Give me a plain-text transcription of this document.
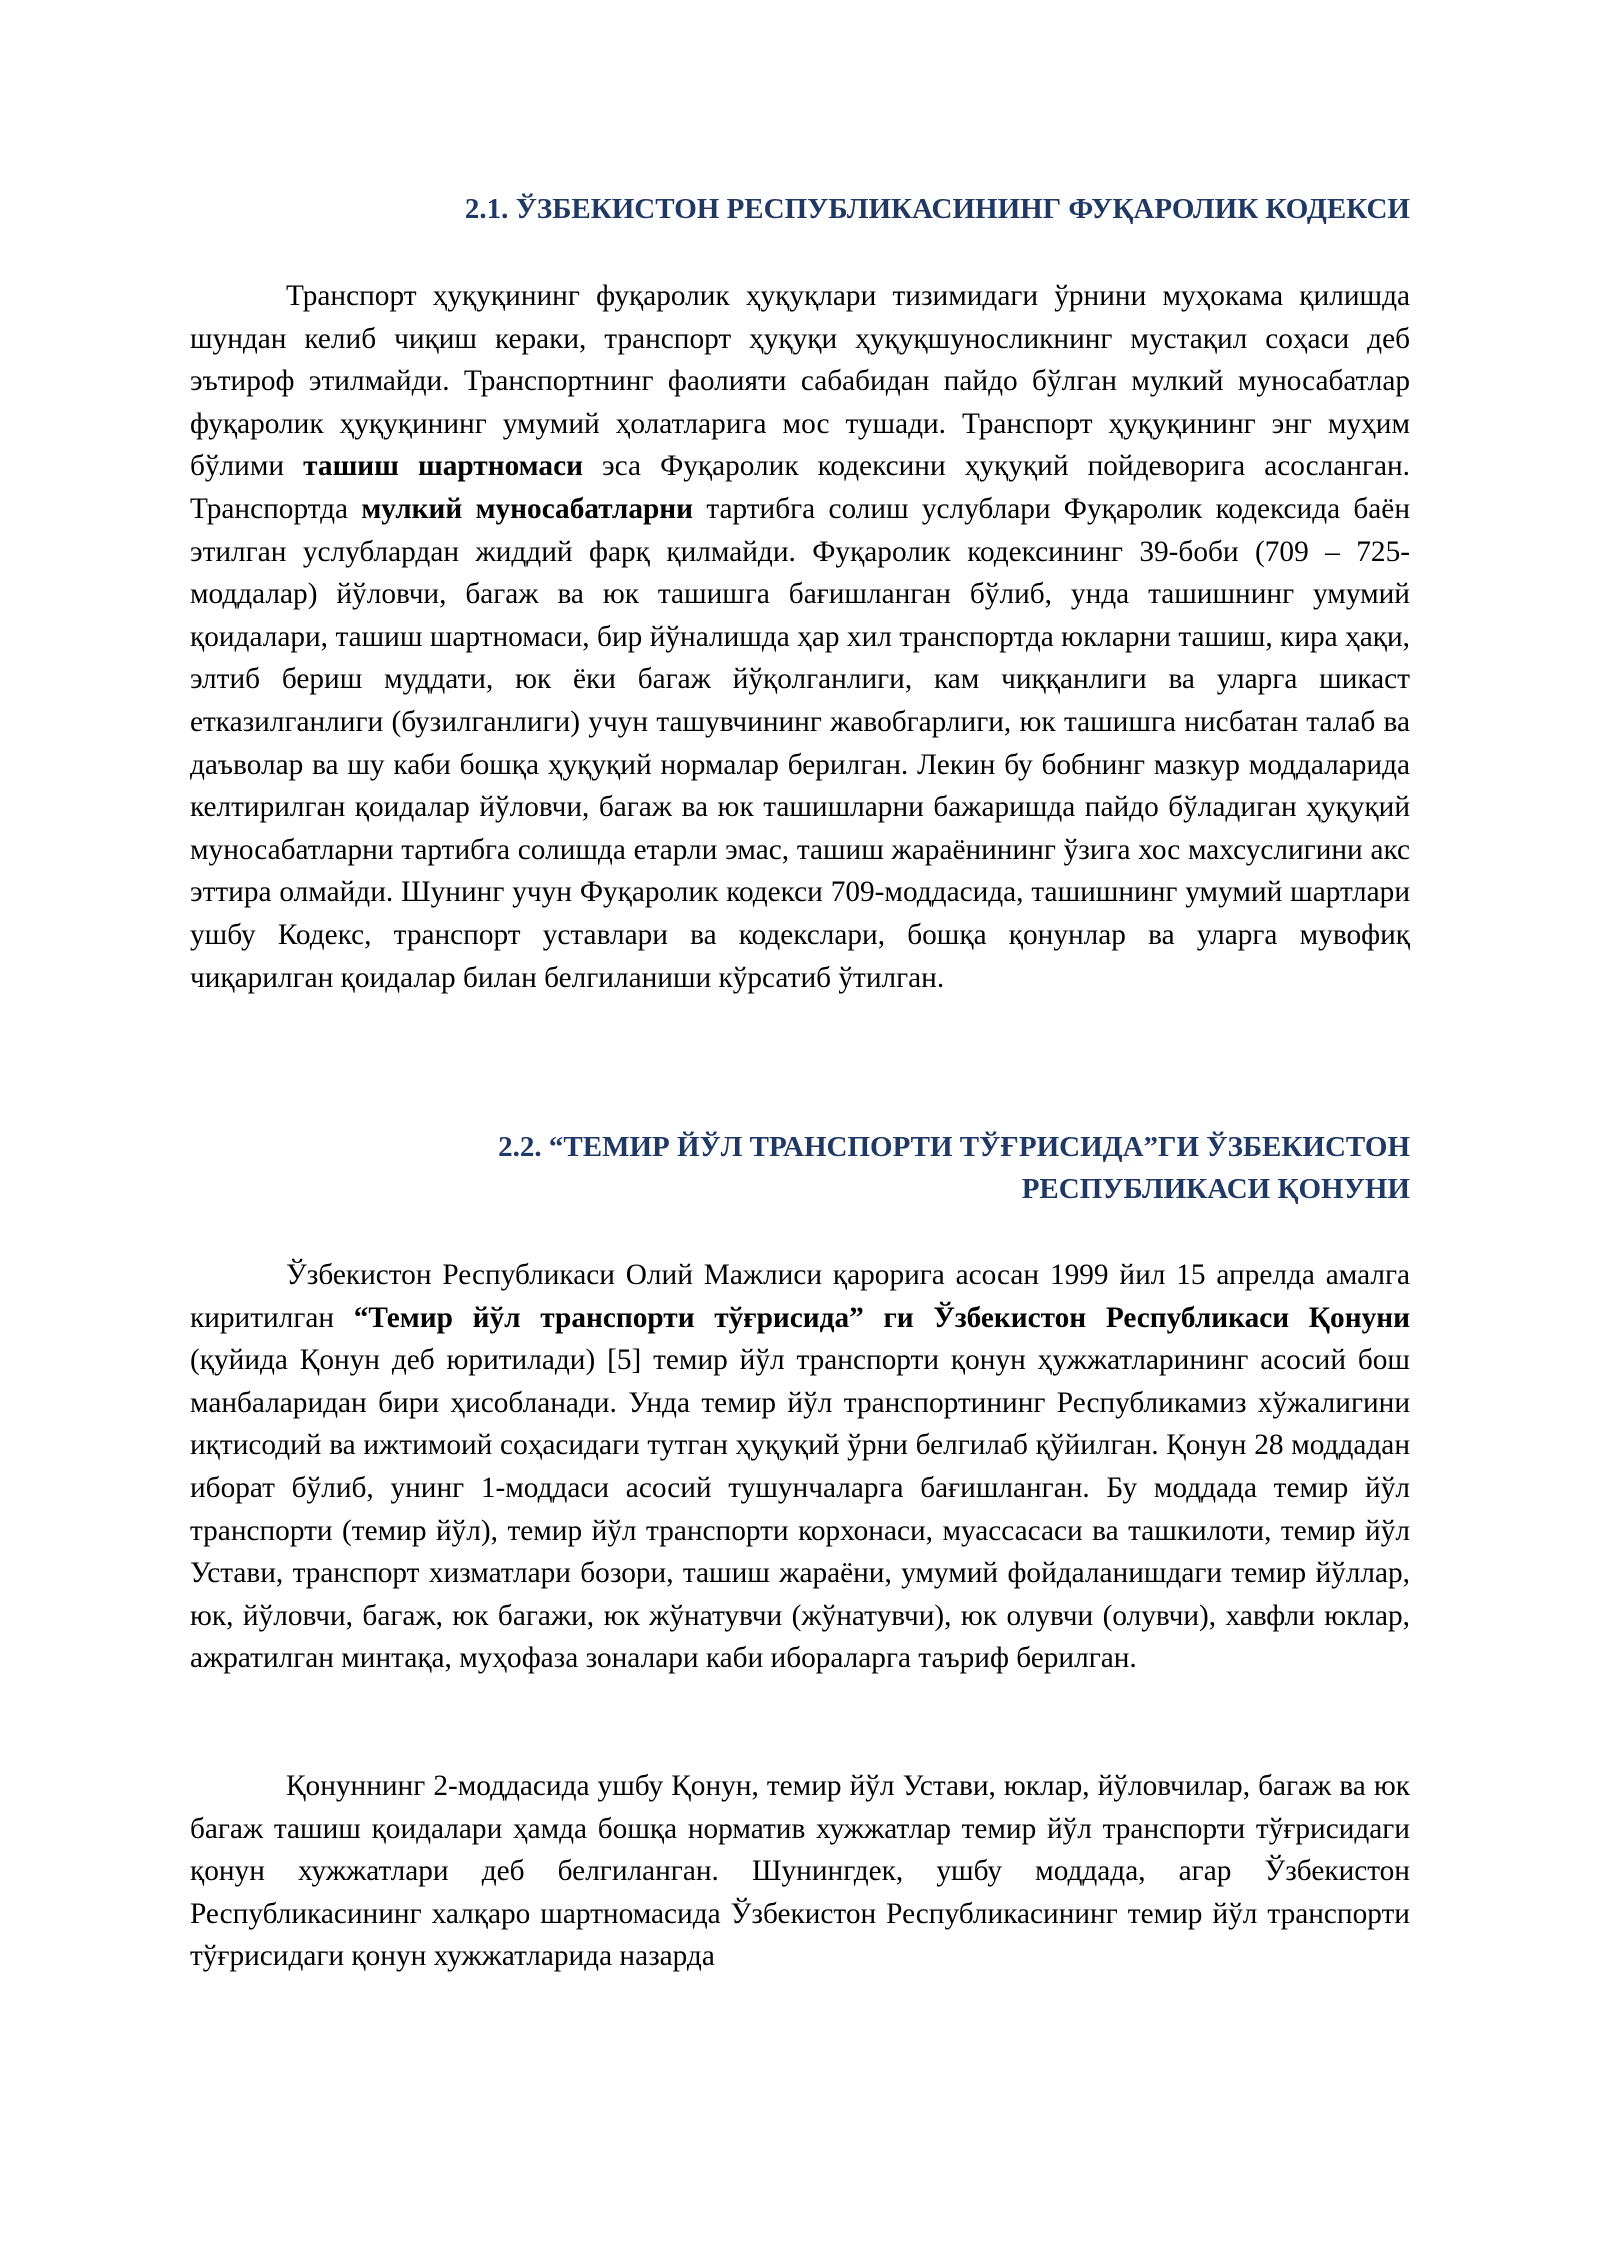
2.1. ЎЗБЕКИСТОН РЕСПУБЛИКАСИНИНГ ФУҚАРОЛИК КОДЕКСИ

Транспорт ҳуқуқининг фуқаролик ҳуқуқлари тизимидаги ўрнини муҳокама қилишда шундан келиб чиқиш кераки, транспорт ҳуқуқи ҳуқуқшуносликнинг мустақил соҳаси деб эътироф этилмайди. Транспортнинг фаолияти сабабидан пайдо бўлган мулкий муносабатлар фуқаролик ҳуқуқининг умумий ҳолатларига мос тушади. Транспорт ҳуқуқининг энг муҳим бўлими ташиш шартномаси эса Фуқаролик кодексини ҳуқуқий пойдеворига асосланган. Транспортда мулкий муносабатларни тартибга солиш услублари Фуқаролик кодексида баён этилган услублардан жиддий фарқ қилмайди. Фуқаролик кодексининг 39-боби (709 – 725-моддалар) йўловчи, багаж ва юк ташишга бағишланган бўлиб, унда ташишнинг умумий қоидалари, ташиш шартномаси, бир йўналишда ҳар хил транспортда юкларни ташиш, кира ҳақи, элтиб бериш муддати, юк ёки багаж йўқолганлиги, кам чиққанлиги ва уларга шикаст етказилганлиги (бузилганлиги) учун ташувчининг жавобгарлиги, юк ташишга нисбатан талаб ва даъволар ва шу каби бошқа ҳуқуқий нормалар берилган. Лекин бу бобнинг мазкур моддаларида келтирилган қоидалар йўловчи, багаж ва юк ташишларни бажаришда пайдо бўладиган ҳуқуқий муносабатларни тартибга солишда етарли эмас, ташиш жараёнининг ўзига хос махсуслигини акс эттира олмайди. Шунинг учун Фуқаролик кодекси 709-моддасида, ташишнинг умумий шартлари ушбу Кодекс, транспорт уставлари ва кодекслари, бошқа қонунлар ва уларга мувофиқ чиқарилган қоидалар билан белгиланиши кўрсатиб ўтилган.

2.2. “ТЕМИР ЙЎЛ ТРАНСПОРТИ ТЎҒРИСИДА”ГИ ЎЗБЕКИСТОН
РЕСПУБЛИКАСИ ҚОНУНИ

Ўзбекистон Республикаси Олий Мажлиси қарорига асосан 1999 йил 15 апрелда амалга киритилган “Темир йўл транспорти тўғрисида” ги Ўзбекистон Республикаси Қонуни (қуйида Қонун деб юритилади) [5] темир йўл транспорти қонун ҳужжатларининг асосий бош манбаларидан бири ҳисобланади. Унда темир йўл транспортининг Республикамиз хўжалигини иқтисодий ва ижтимоий соҳасидаги тутган ҳуқуқий ўрни белгилаб қўйилган. Қонун 28 моддадан иборат бўлиб, унинг 1-моддаси асосий тушунчаларга бағишланган. Бу моддада темир йўл транспорти (темир йўл), темир йўл транспорти корхонаси, муассасаси ва ташкилоти, темир йўл Устави, транспорт хизматлари бозори, ташиш жараёни, умумий фойдаланишдаги темир йўллар, юк, йўловчи, багаж, юк багажи, юк жўнатувчи (жўнатувчи), юк олувчи (олувчи), хавфли юклар, ажратилган минтақа, муҳофаза зоналари каби ибораларга таъриф берилган.

Қонуннинг 2-моддасида ушбу Қонун, темир йўл Устави, юклар, йўловчилар, багаж ва юк багаж ташиш қоидалари ҳамда бошқа норматив хужжатлар темир йўл транспорти тўғрисидаги қонун хужжатлари деб белгиланган. Шунингдек, ушбу моддада, агар Ўзбекистон Республикасининг халқаро шартномасида Ўзбекистон Республикасининг темир йўл транспорти тўғрисидаги қонун хужжатларида назарда
